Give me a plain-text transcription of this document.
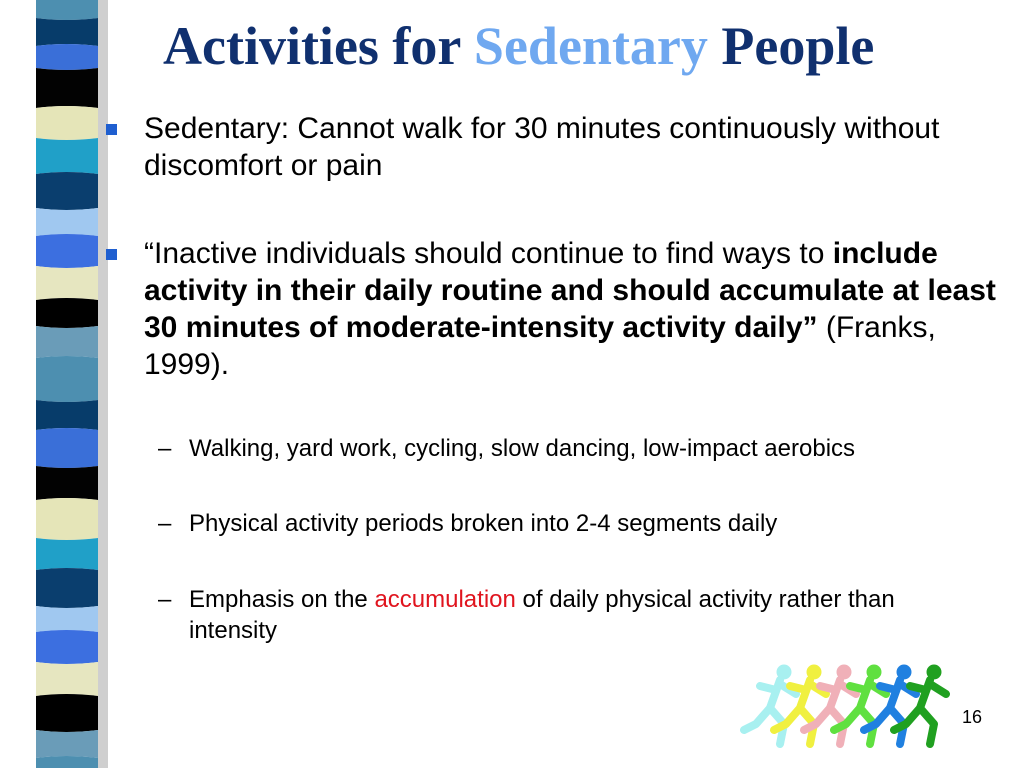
Activities for Sedentary People
Sedentary: Cannot walk for 30 minutes continuously without discomfort or pain
“Inactive individuals should continue to find ways to include activity in their daily routine and should accumulate at least 30 minutes of moderate-intensity activity daily” (Franks, 1999).
– Walking, yard work, cycling, slow dancing, low-impact aerobics
– Physical activity periods broken into 2-4 segments daily
– Emphasis on the accumulation of daily physical activity rather than intensity
16
